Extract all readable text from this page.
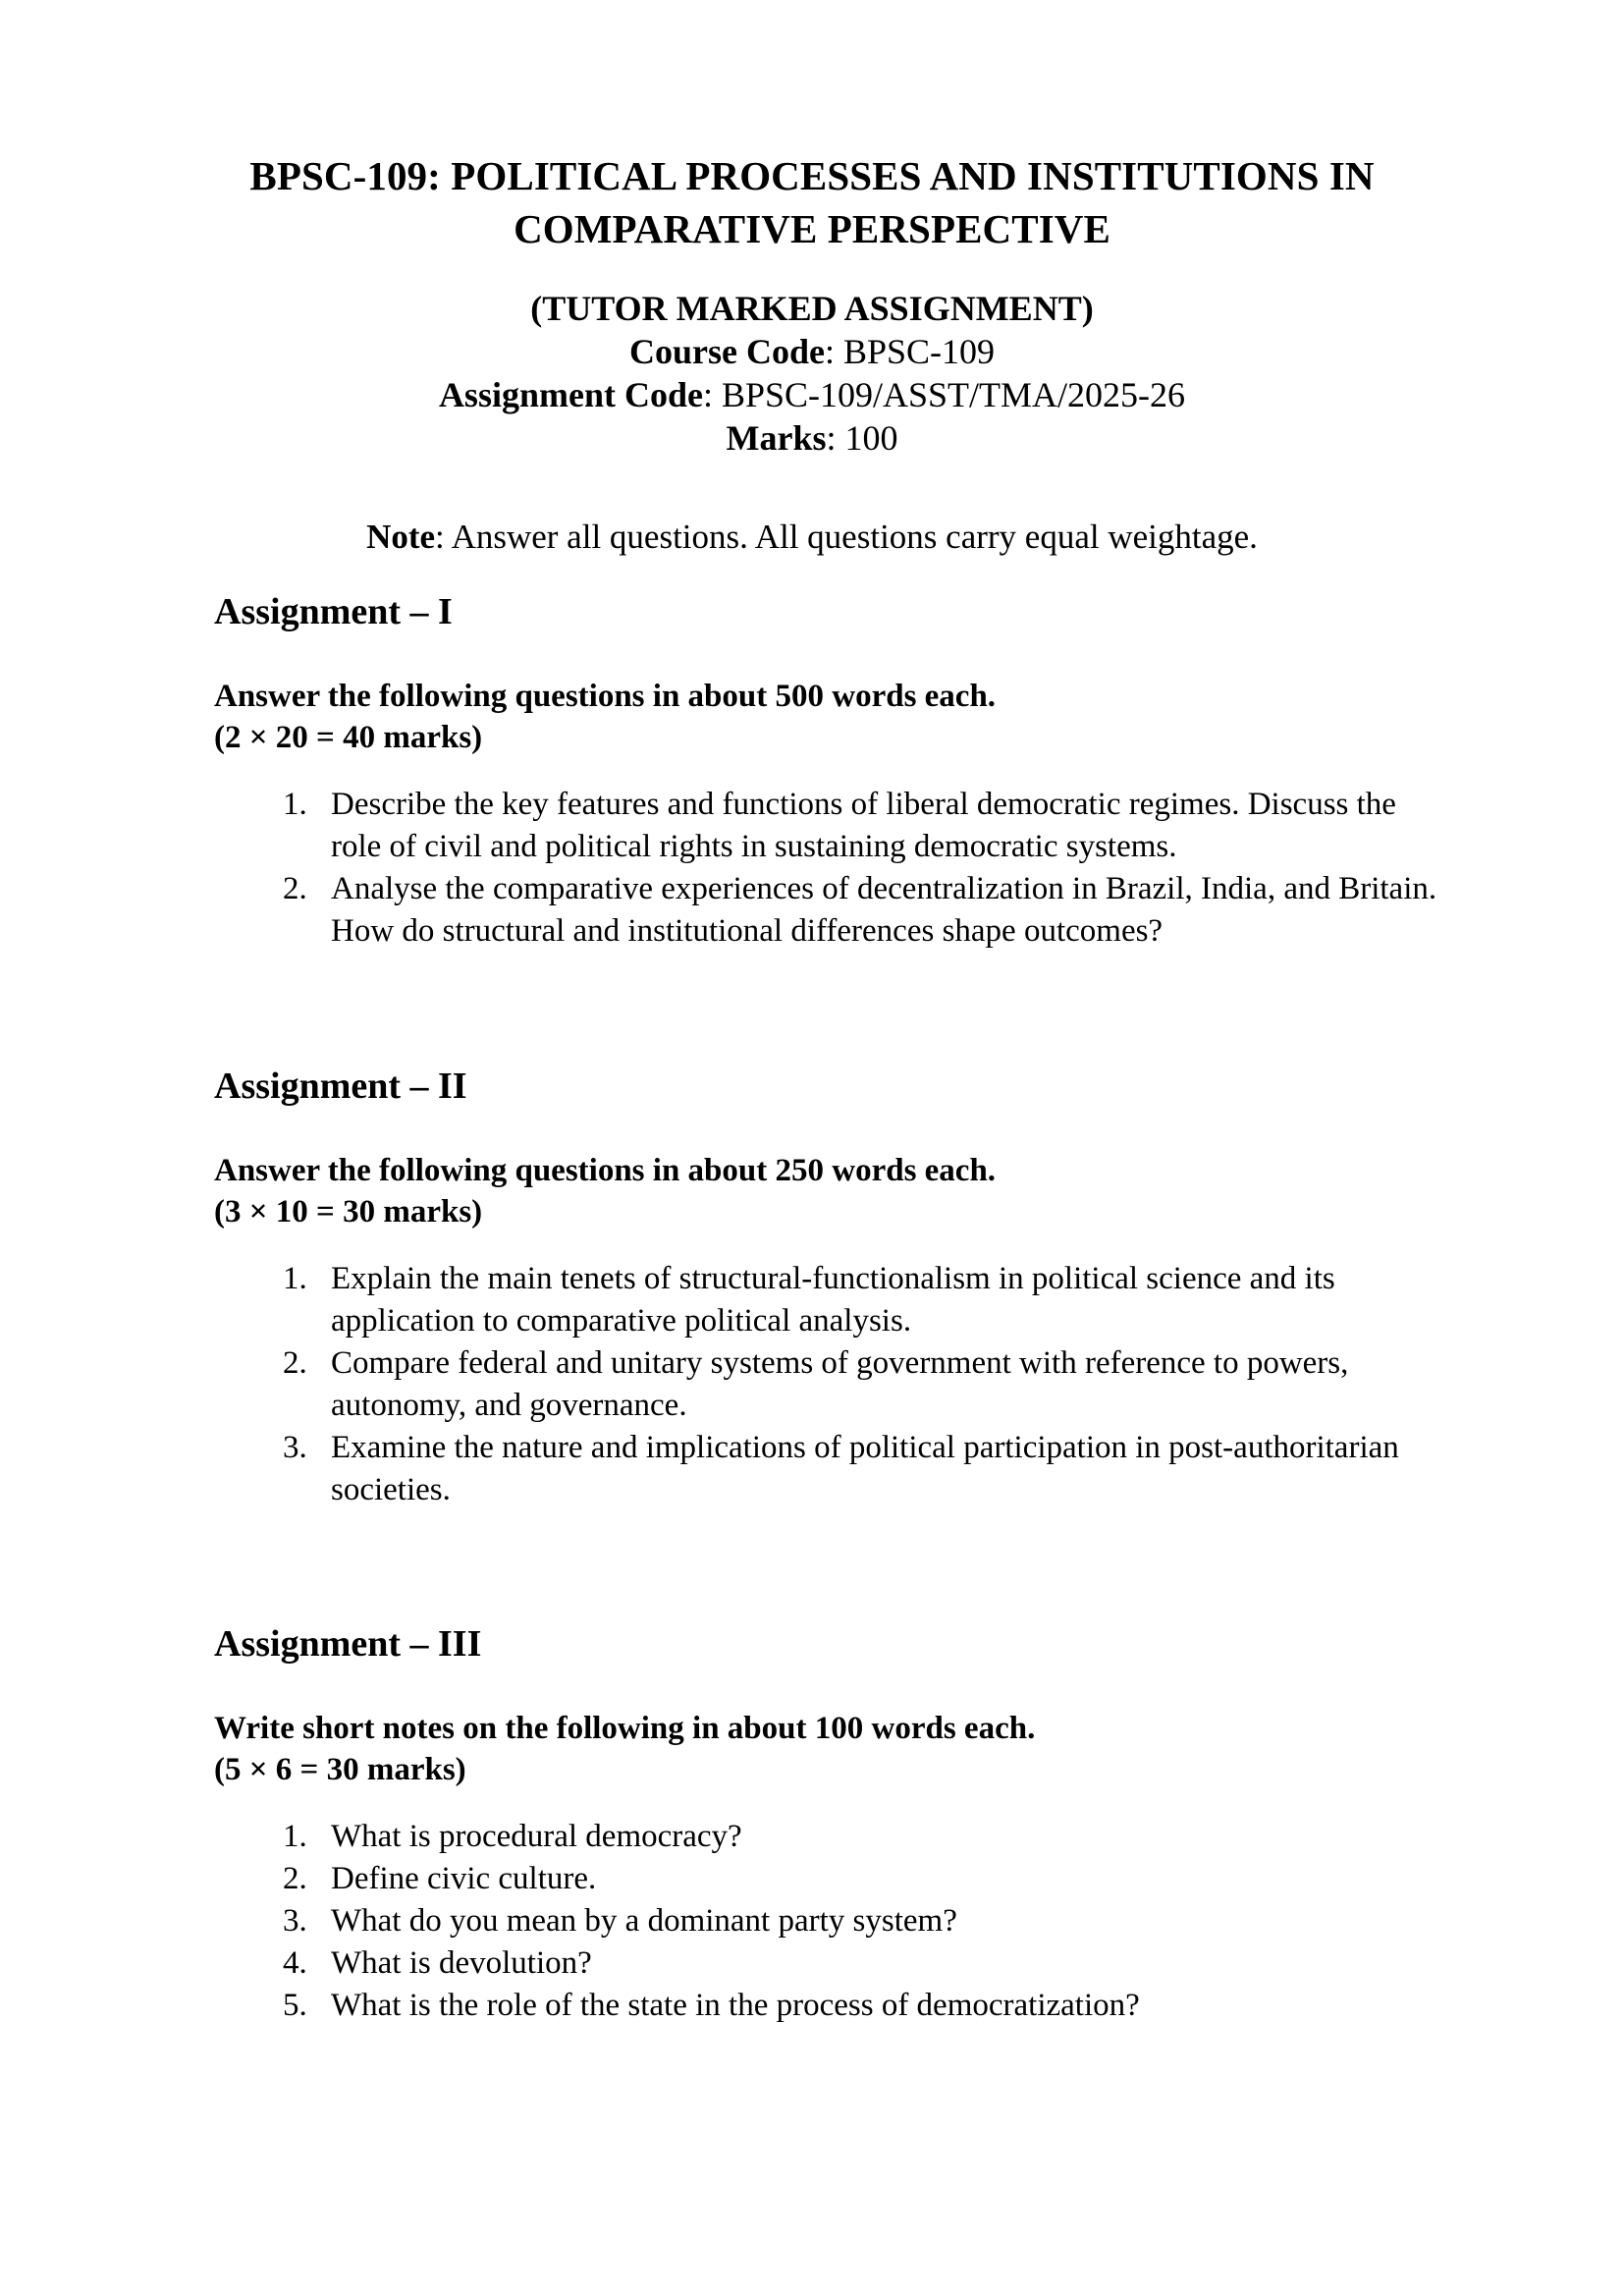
BPSC-109: POLITICAL PROCESSES AND INSTITUTIONS IN COMPARATIVE PERSPECTIVE
(TUTOR MARKED ASSIGNMENT)
Course Code: BPSC-109
Assignment Code: BPSC-109/ASST/TMA/2025-26
Marks: 100
Note: Answer all questions. All questions carry equal weightage.
Assignment – I
Answer the following questions in about 500 words each.
(2 × 20 = 40 marks)
1. Describe the key features and functions of liberal democratic regimes. Discuss the role of civil and political rights in sustaining democratic systems.
2. Analyse the comparative experiences of decentralization in Brazil, India, and Britain. How do structural and institutional differences shape outcomes?
Assignment – II
Answer the following questions in about 250 words each.
(3 × 10 = 30 marks)
1. Explain the main tenets of structural-functionalism in political science and its application to comparative political analysis.
2. Compare federal and unitary systems of government with reference to powers, autonomy, and governance.
3. Examine the nature and implications of political participation in post-authoritarian societies.
Assignment – III
Write short notes on the following in about 100 words each.
(5 × 6 = 30 marks)
1. What is procedural democracy?
2. Define civic culture.
3. What do you mean by a dominant party system?
4. What is devolution?
5. What is the role of the state in the process of democratization?
